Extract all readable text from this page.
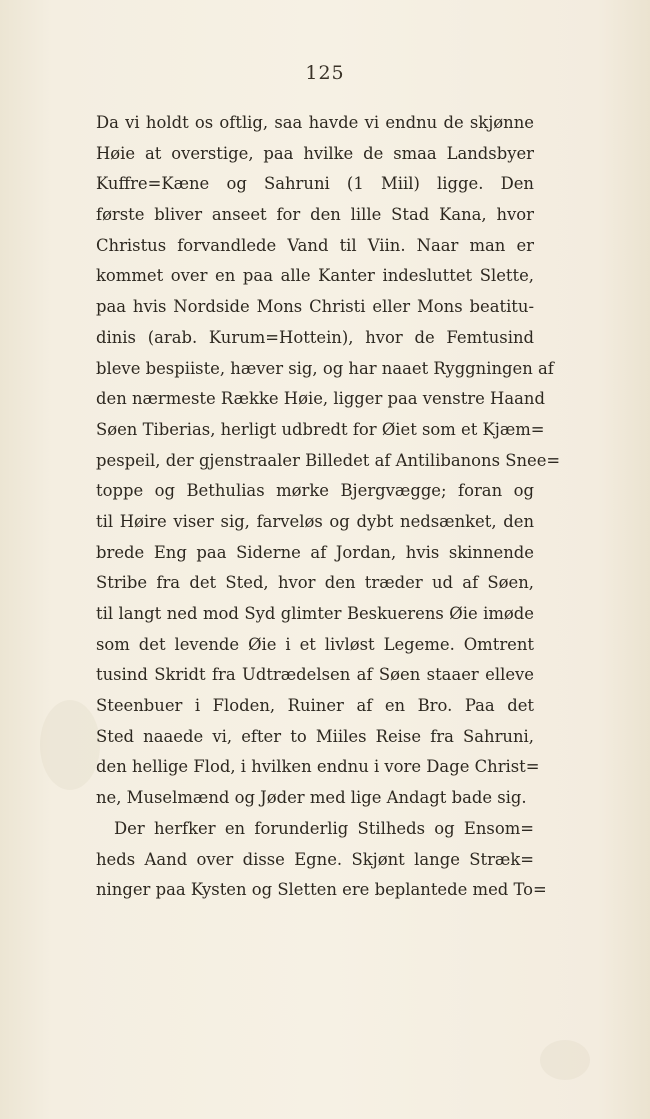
125
Da vi holdt os oftlig, saa havde vi endnu de skjønne
Høie at overstige, paa hvilke de smaa Landsbyer
Kuffre=Kæne og Sahruni (1 Miil) ligge. Den
første bliver anseet for den lille Stad Kana, hvor
Christus forvandlede Vand til Viin. Naar man er
kommet over en paa alle Kanter indesluttet Slette,
paa hvis Nordside Mons Christi eller Mons beatitu-
dinis (arab. Kurum=Hottein), hvor de Femtusind
bleve bespiiste, hæver sig, og har naaet Ryggningen af
den nærmeste Række Høie, ligger paa venstre Haand
Søen Tiberias, herligt udbredt for Øiet som et Kjæm=
pespeil, der gjenstraaler Billedet af Antilibanons Snee=
toppe og Bethulias mørke Bjergvægge; foran og
til Høire viser sig, farveløs og dybt nedsænket, den
brede Eng paa Siderne af Jordan, hvis skinnende
Stribe fra det Sted, hvor den træder ud af Søen,
til langt ned mod Syd glimter Beskuerens Øie imøde
som det levende Øie i et livløst Legeme. Omtrent
tusind Skridt fra Udtrædelsen af Søen staaer elleve
Steenbuer i Floden, Ruiner af en Bro. Paa det
Sted naaede vi, efter to Miiles Reise fra Sahruni,
den hellige Flod, i hvilken endnu i vore Dage Christ=
ne, Muselmænd og Jøder med lige Andagt bade sig.
Der herfker en forunderlig Stilheds og Ensom=
heds Aand over disse Egne. Skjønt lange Stræk=
ninger paa Kysten og Sletten ere beplantede med To=
